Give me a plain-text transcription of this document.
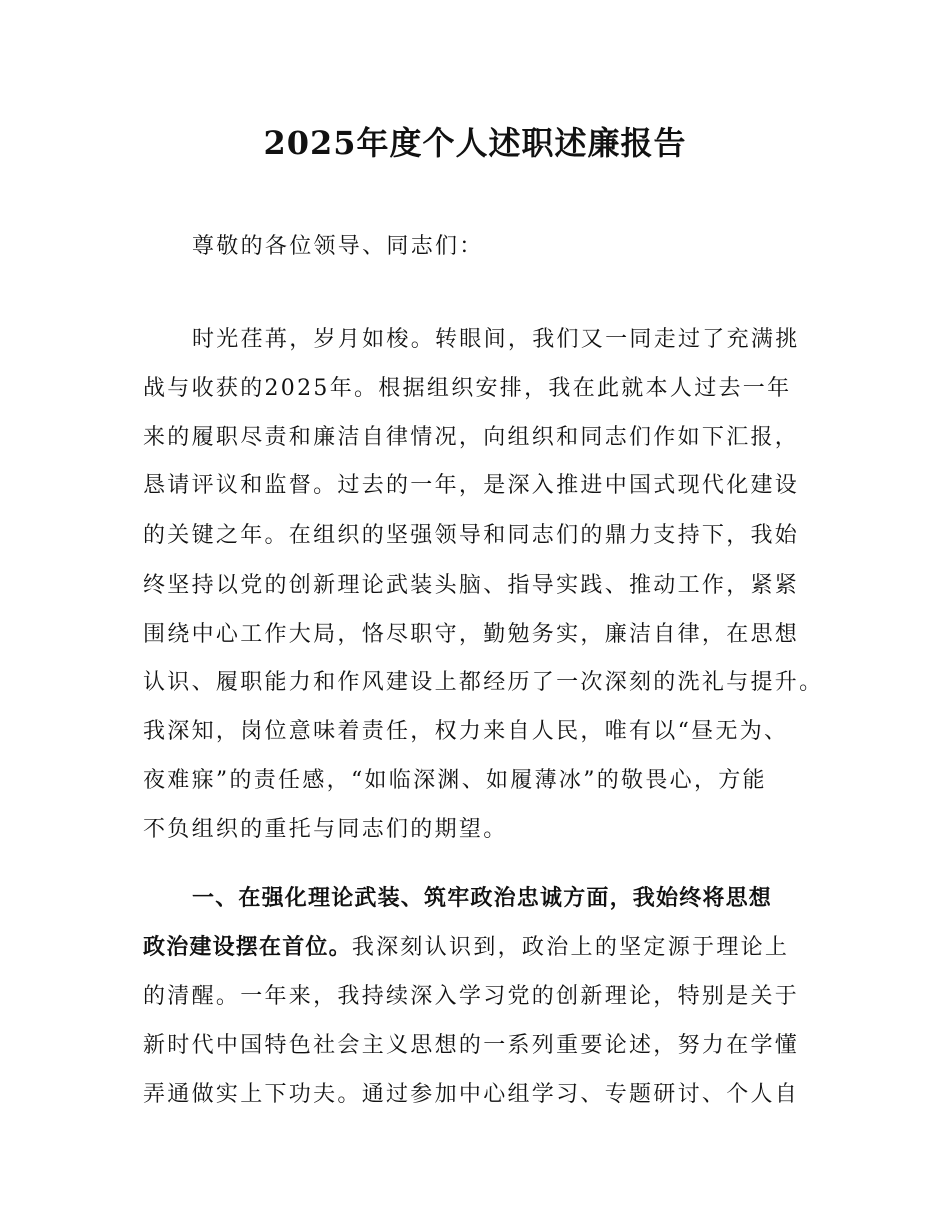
2025年度个人述职述廉报告
尊敬的各位领导、同志们：
时光荏苒，岁月如梭。转眼间，我们又一同走过了充满挑
战与收获的2025年。根据组织安排，我在此就本人过去一年
来的履职尽责和廉洁自律情况，向组织和同志们作如下汇报，
恳请评议和监督。过去的一年，是深入推进中国式现代化建设
的关键之年。在组织的坚强领导和同志们的鼎力支持下，我始
终坚持以党的创新理论武装头脑、指导实践、推动工作，紧紧
围绕中心工作大局，恪尽职守，勤勉务实，廉洁自律，在思想
认识、履职能力和作风建设上都经历了一次深刻的洗礼与提升。
我深知，岗位意味着责任，权力来自人民，唯有以“昼无为、
夜难寐”的责任感，“如临深渊、如履薄冰”的敬畏心，方能
不负组织的重托与同志们的期望。
一、在强化理论武装、筑牢政治忠诚方面，我始终将思想
政治建设摆在首位。我深刻认识到，政治上的坚定源于理论上
的清醒。一年来，我持续深入学习党的创新理论，特别是关于
新时代中国特色社会主义思想的一系列重要论述，努力在学懂
弄通做实上下功夫。通过参加中心组学习、专题研讨、个人自
